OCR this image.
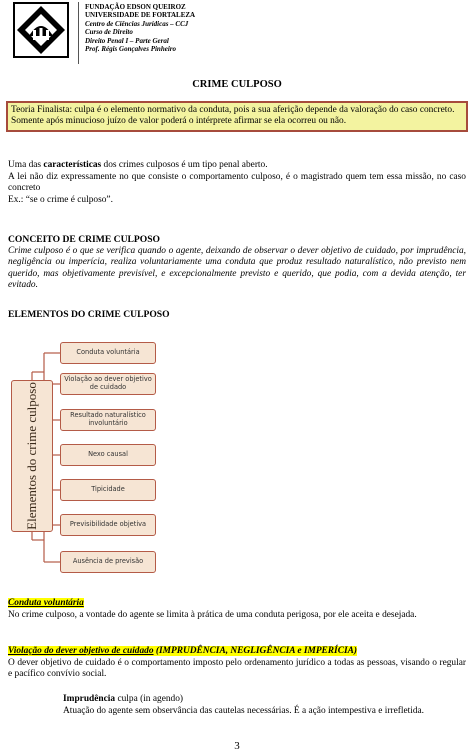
FUNDAÇÃO EDSON QUEIROZ
UNIVERSIDADE DE FORTALEZA
Centro de Ciências Jurídicas – CCJ
Curso de Direito
Direito Penal I – Parte Geral
Prof. Régis Gonçalves Pinheiro
CRIME CULPOSO
Teoria Finalista: culpa é o elemento normativo da conduta, pois a sua aferição depende da valoração do caso concreto.
Somente após minucioso juízo de valor poderá o intérprete afirmar se ela ocorreu ou não.
Uma das características dos crimes culposos é um tipo penal aberto.
A lei não diz expressamente no que consiste o comportamento culposo, é o magistrado quem tem essa missão, no caso concreto
Ex.: “se o crime é culposo”.
CONCEITO DE CRIME CULPOSO
Crime culposo é o que se verifica quando o agente, deixando de observar o dever objetivo de cuidado, por imprudência, negligência ou imperícia, realiza voluntariamente uma conduta que produz resultado naturalístico, não previsto nem querido, mas objetivamente previsível, e excepcionalmente previsto e querido, que podia, com a devida atenção, ter evitado.
ELEMENTOS DO CRIME CULPOSO
Elementos do crime culposo
Conduta voluntária
Violação ao dever objetivo de cuidado
Resultado naturalístico involuntário
Nexo causal
Tipicidade
Previsibilidade objetiva
Ausência de previsão
Conduta voluntária
No crime culposo, a vontade do agente se limita à prática de uma conduta perigosa, por ele aceita e desejada.
Violação do dever objetivo de cuidado (IMPRUDÊNCIA, NEGLIGÊNCIA e IMPERÍCIA)
O dever objetivo de cuidado é o comportamento imposto pelo ordenamento jurídico a todas as pessoas, visando o regular e pacífico convívio social.
Imprudência culpa (in agendo)
Atuação do agente sem observância das cautelas necessárias. É a ação intempestiva e irrefletida.
3
